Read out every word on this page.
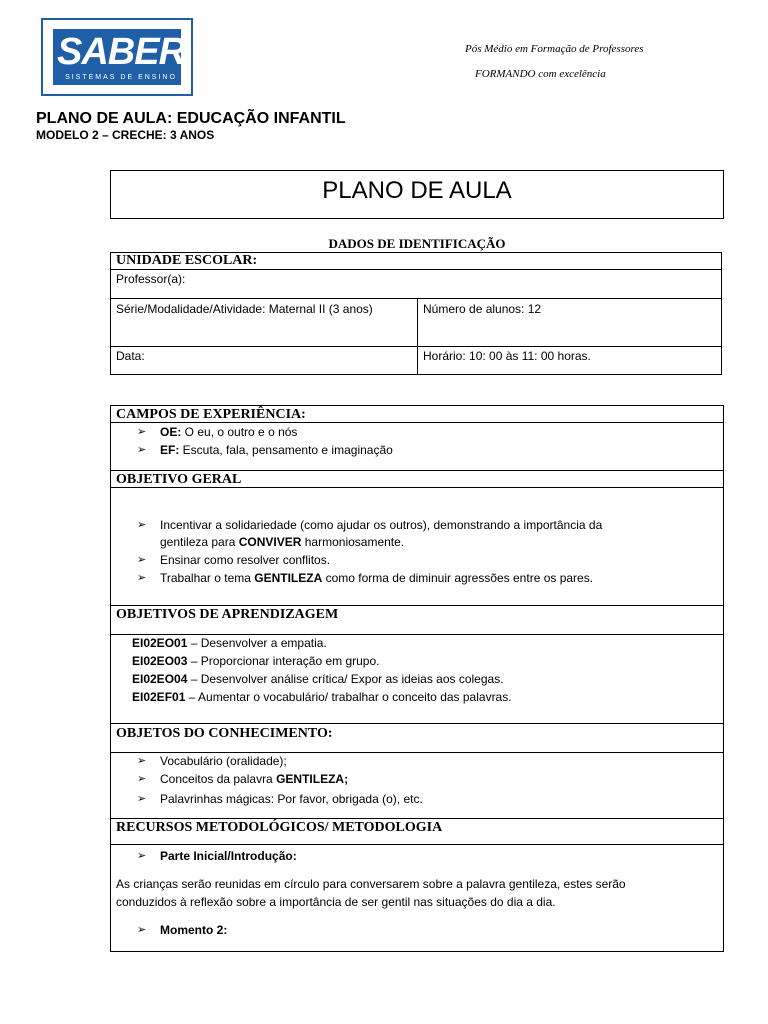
SABER
SISTEMAS DE ENSINO
Pós Médio em Formação de Professores
FORMANDO com excelência
PLANO DE AULA: EDUCAÇÃO INFANTIL
MODELO 2 – CRECHE: 3 ANOS
PLANO DE AULA
DADOS DE IDENTIFICAÇÃO
UNIDADE ESCOLAR:	
Professor(a):	
Série/Modalidade/Atividade: Maternal II (3 anos)	Número de alunos: 12
Data:	Horário: 10: 00 às 11: 00 horas.
CAMPOS DE EXPERIÊNCIA:
➢ OE: O eu, o outro e o nós
➢ EF: Escuta, fala, pensamento e imaginação
OBJETIVO GERAL
➢ Incentivar a solidariedade (como ajudar os outros), demonstrando a importância da
gentileza para CONVIVER harmoniosamente.
➢ Ensinar como resolver conflitos.
➢ Trabalhar o tema GENTILEZA como forma de diminuir agressões entre os pares.
OBJETIVOS DE APRENDIZAGEM
EI02EO01 – Desenvolver a empatia.
EI02EO03 – Proporcionar interação em grupo.
EI02EO04 – Desenvolver análise crítica/ Expor as ideias aos colegas.
EI02EF01 – Aumentar o vocabulário/ trabalhar o conceito das palavras.
OBJETOS DO CONHECIMENTO:
➢ Vocabulário (oralidade);
➢ Conceitos da palavra GENTILEZA;
➢ Palavrinhas mágicas: Por favor, obrigada (o), etc.
RECURSOS METODOLÓGICOS/ METODOLOGIA
➢ Parte Inicial/Introdução:
As crianças serão reunidas em círculo para conversarem sobre a palavra gentileza, estes serão
conduzidos à reflexão sobre a importância de ser gentil nas situações do dia a dia.
➢ Momento 2:
